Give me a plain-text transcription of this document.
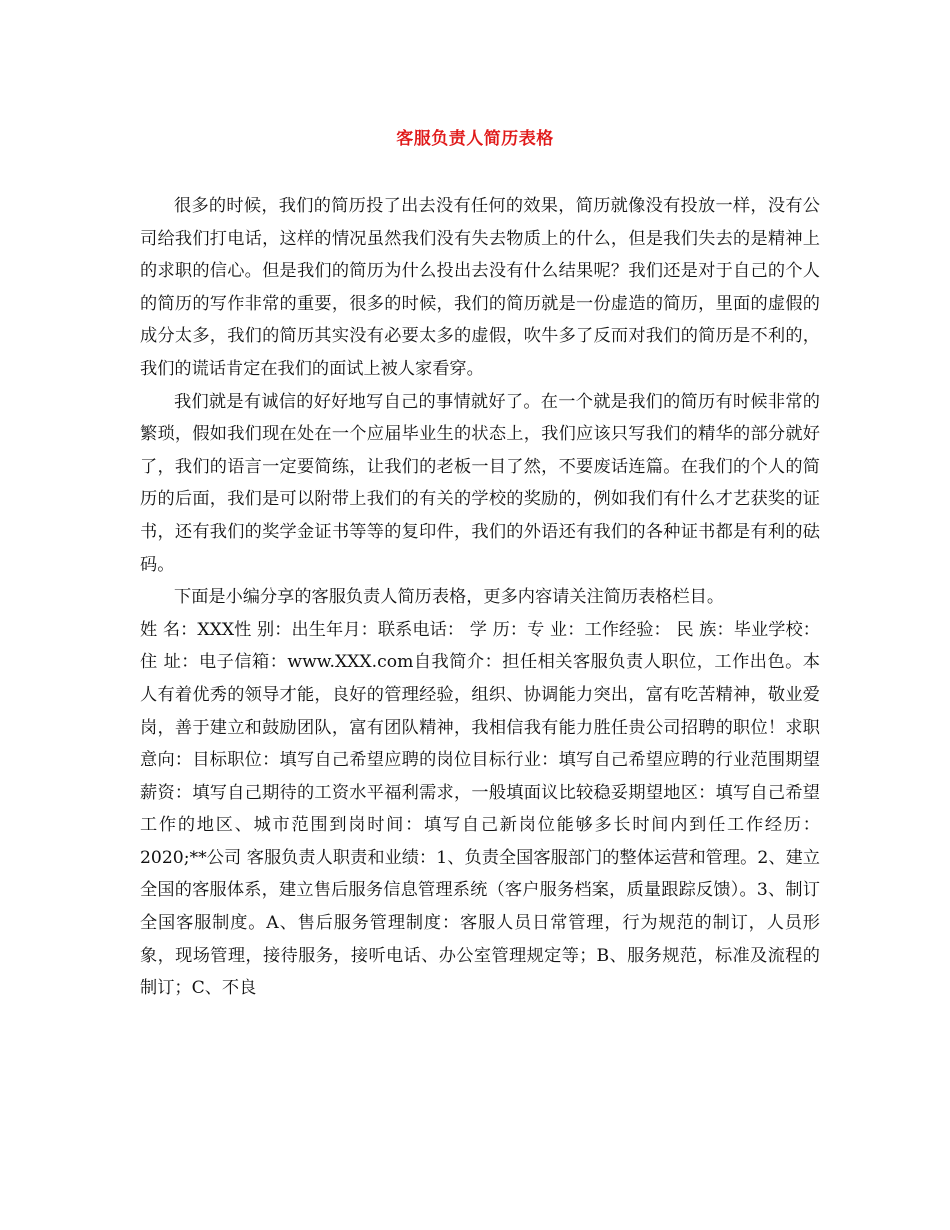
客服负责人简历表格

很多的时候，我们的简历投了出去没有任何的效果，简历就像没有投放一样，没有公司给我们打电话，这样的情况虽然我们没有失去物质上的什么，但是我们失去的是精神上的求职的信心。但是我们的简历为什么投出去没有什么结果呢？我们还是对于自己的个人的简历的写作非常的重要，很多的时候，我们的简历就是一份虚造的简历，里面的虚假的成分太多，我们的简历其实没有必要太多的虚假，吹牛多了反而对我们的简历是不利的，我们的谎话肯定在我们的面试上被人家看穿。

我们就是有诚信的好好地写自己的事情就好了。在一个就是我们的简历有时候非常的繁琐，假如我们现在处在一个应届毕业生的状态上，我们应该只写我们的精华的部分就好了，我们的语言一定要简练，让我们的老板一目了然，不要废话连篇。在我们的个人的简历的后面，我们是可以附带上我们的有关的学校的奖励的，例如我们有什么才艺获奖的证书，还有我们的奖学金证书等等的复印件，我们的外语还有我们的各种证书都是有利的砝码。

下面是小编分享的客服负责人简历表格，更多内容请关注简历表格栏目。

姓 名：XXX性 别：出生年月：联系电话： 学 历：专 业：工作经验： 民 族：毕业学校：住 址：电子信箱：www.XXX.com自我简介：担任相关客服负责人职位，工作出色。本人有着优秀的领导才能，良好的管理经验，组织、协调能力突出，富有吃苦精神，敬业爱岗，善于建立和鼓励团队，富有团队精神，我相信我有能力胜任贵公司招聘的职位！求职意向：目标职位：填写自己希望应聘的岗位目标行业：填写自己希望应聘的行业范围期望薪资：填写自己期待的工资水平福利需求，一般填面议比较稳妥期望地区：填写自己希望工作的地区、城市范围到岗时间：填写自己新岗位能够多长时间内到任工作经历：2020;**公司 客服负责人职责和业绩：1、负责全国客服部门的整体运营和管理。2、建立全国的客服体系，建立售后服务信息管理系统（客户服务档案，质量跟踪反馈）。3、制订全国客服制度。A、售后服务管理制度：客服人员日常管理，行为规范的制订，人员形象，现场管理，接待服务，接听电话、办公室管理规定等；B、服务规范，标准及流程的制订；C、不良
